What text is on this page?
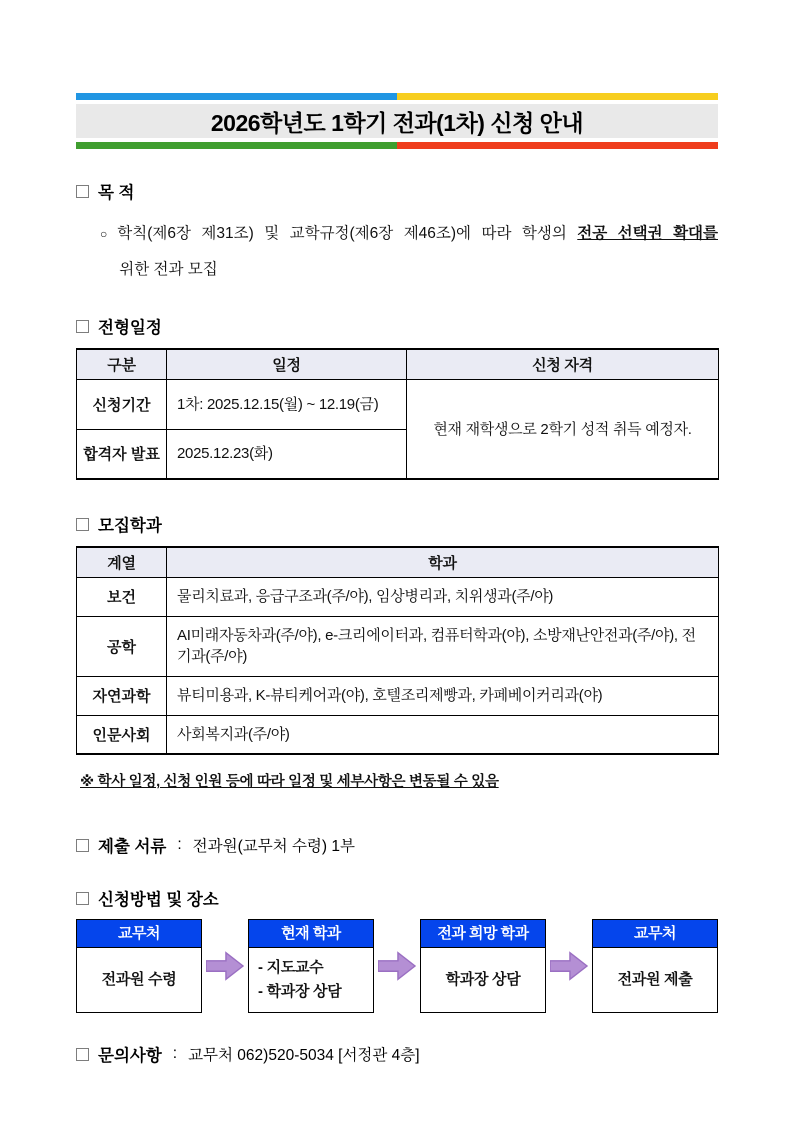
2026학년도 1학기 전과(1차) 신청 안내
목 적
○ 학칙(제6장 제31조) 및 교학규정(제6장 제46조)에 따라 학생의 전공 선택권 확대를
위한 전과 모집
전형일정
구분	일정	신청 자격
신청기간	1차: 2025.12.15(월) ~ 12.19(금)	현재 재학생으로 2학기 성적 취득 예정자.
합격자 발표	2025.12.23(화)	
모집학과
계열	학과
보건	물리치료과, 응급구조과(주/야), 임상병리과, 치위생과(주/야)
공학	AI미래자동차과(주/야), e-크리에이터과, 컴퓨터학과(야), 소방재난안전과(주/야), 전기과(주/야)
자연과학	뷰티미용과, K-뷰티케어과(야), 호텔조리제빵과, 카페베이커리과(야)
인문사회	사회복지과(주/야)
※ 학사 일정, 신청 인원 등에 따라 일정 및 세부사항은 변동될 수 있음
제출 서류 : 전과원(교무처 수령) 1부
신청방법 및 장소
교무처
전과원 수령
현재 학과
- 지도교수
- 학과장 상담
전과 희망 학과
학과장 상담
교무처
전과원 제출
문의사항 : 교무처 062)520-5034 [서정관 4층]
